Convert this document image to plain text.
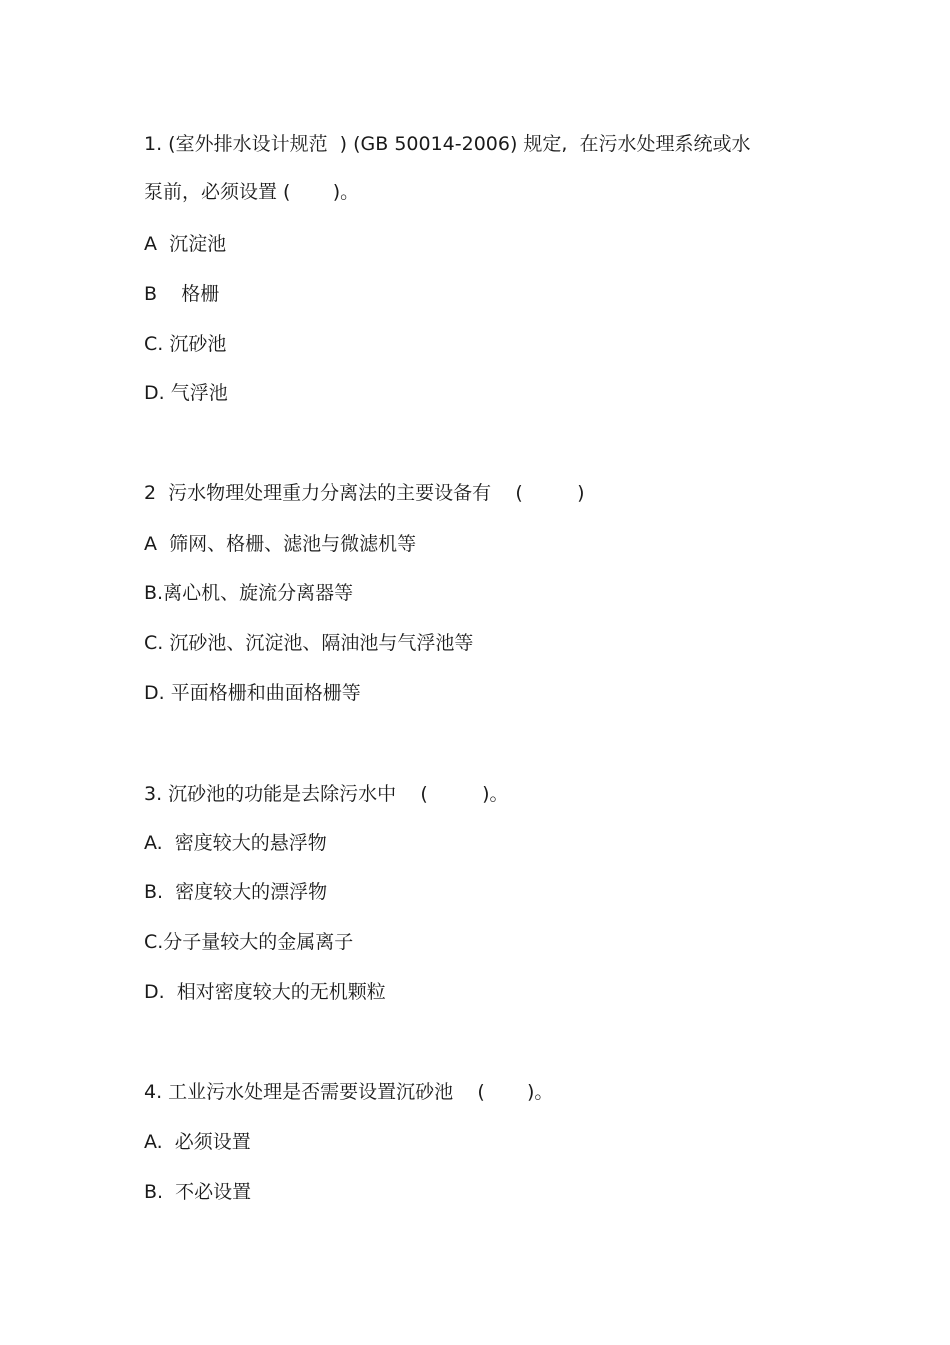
1. (室外排水设计规范  ) (GB 50014-2006) 规定,  在污水处理系统或水

泵前，必须设置 (       )。

A  沉淀池

B    格栅

C. 沉砂池

D. 气浮池

2  污水物理处理重力分离法的主要设备有    (         )

A  筛网、格栅、滤池与微滤机等

B.离心机、旋流分离器等

C. 沉砂池、沉淀池、隔油池与气浮池等

D. 平面格栅和曲面格栅等

3. 沉砂池的功能是去除污水中    (         )。

A.  密度较大的悬浮物

B.  密度较大的漂浮物

C.分子量较大的金属离子

D.  相对密度较大的无机颗粒

4. 工业污水处理是否需要设置沉砂池    (       )。

A.  必须设置

B.  不必设置
